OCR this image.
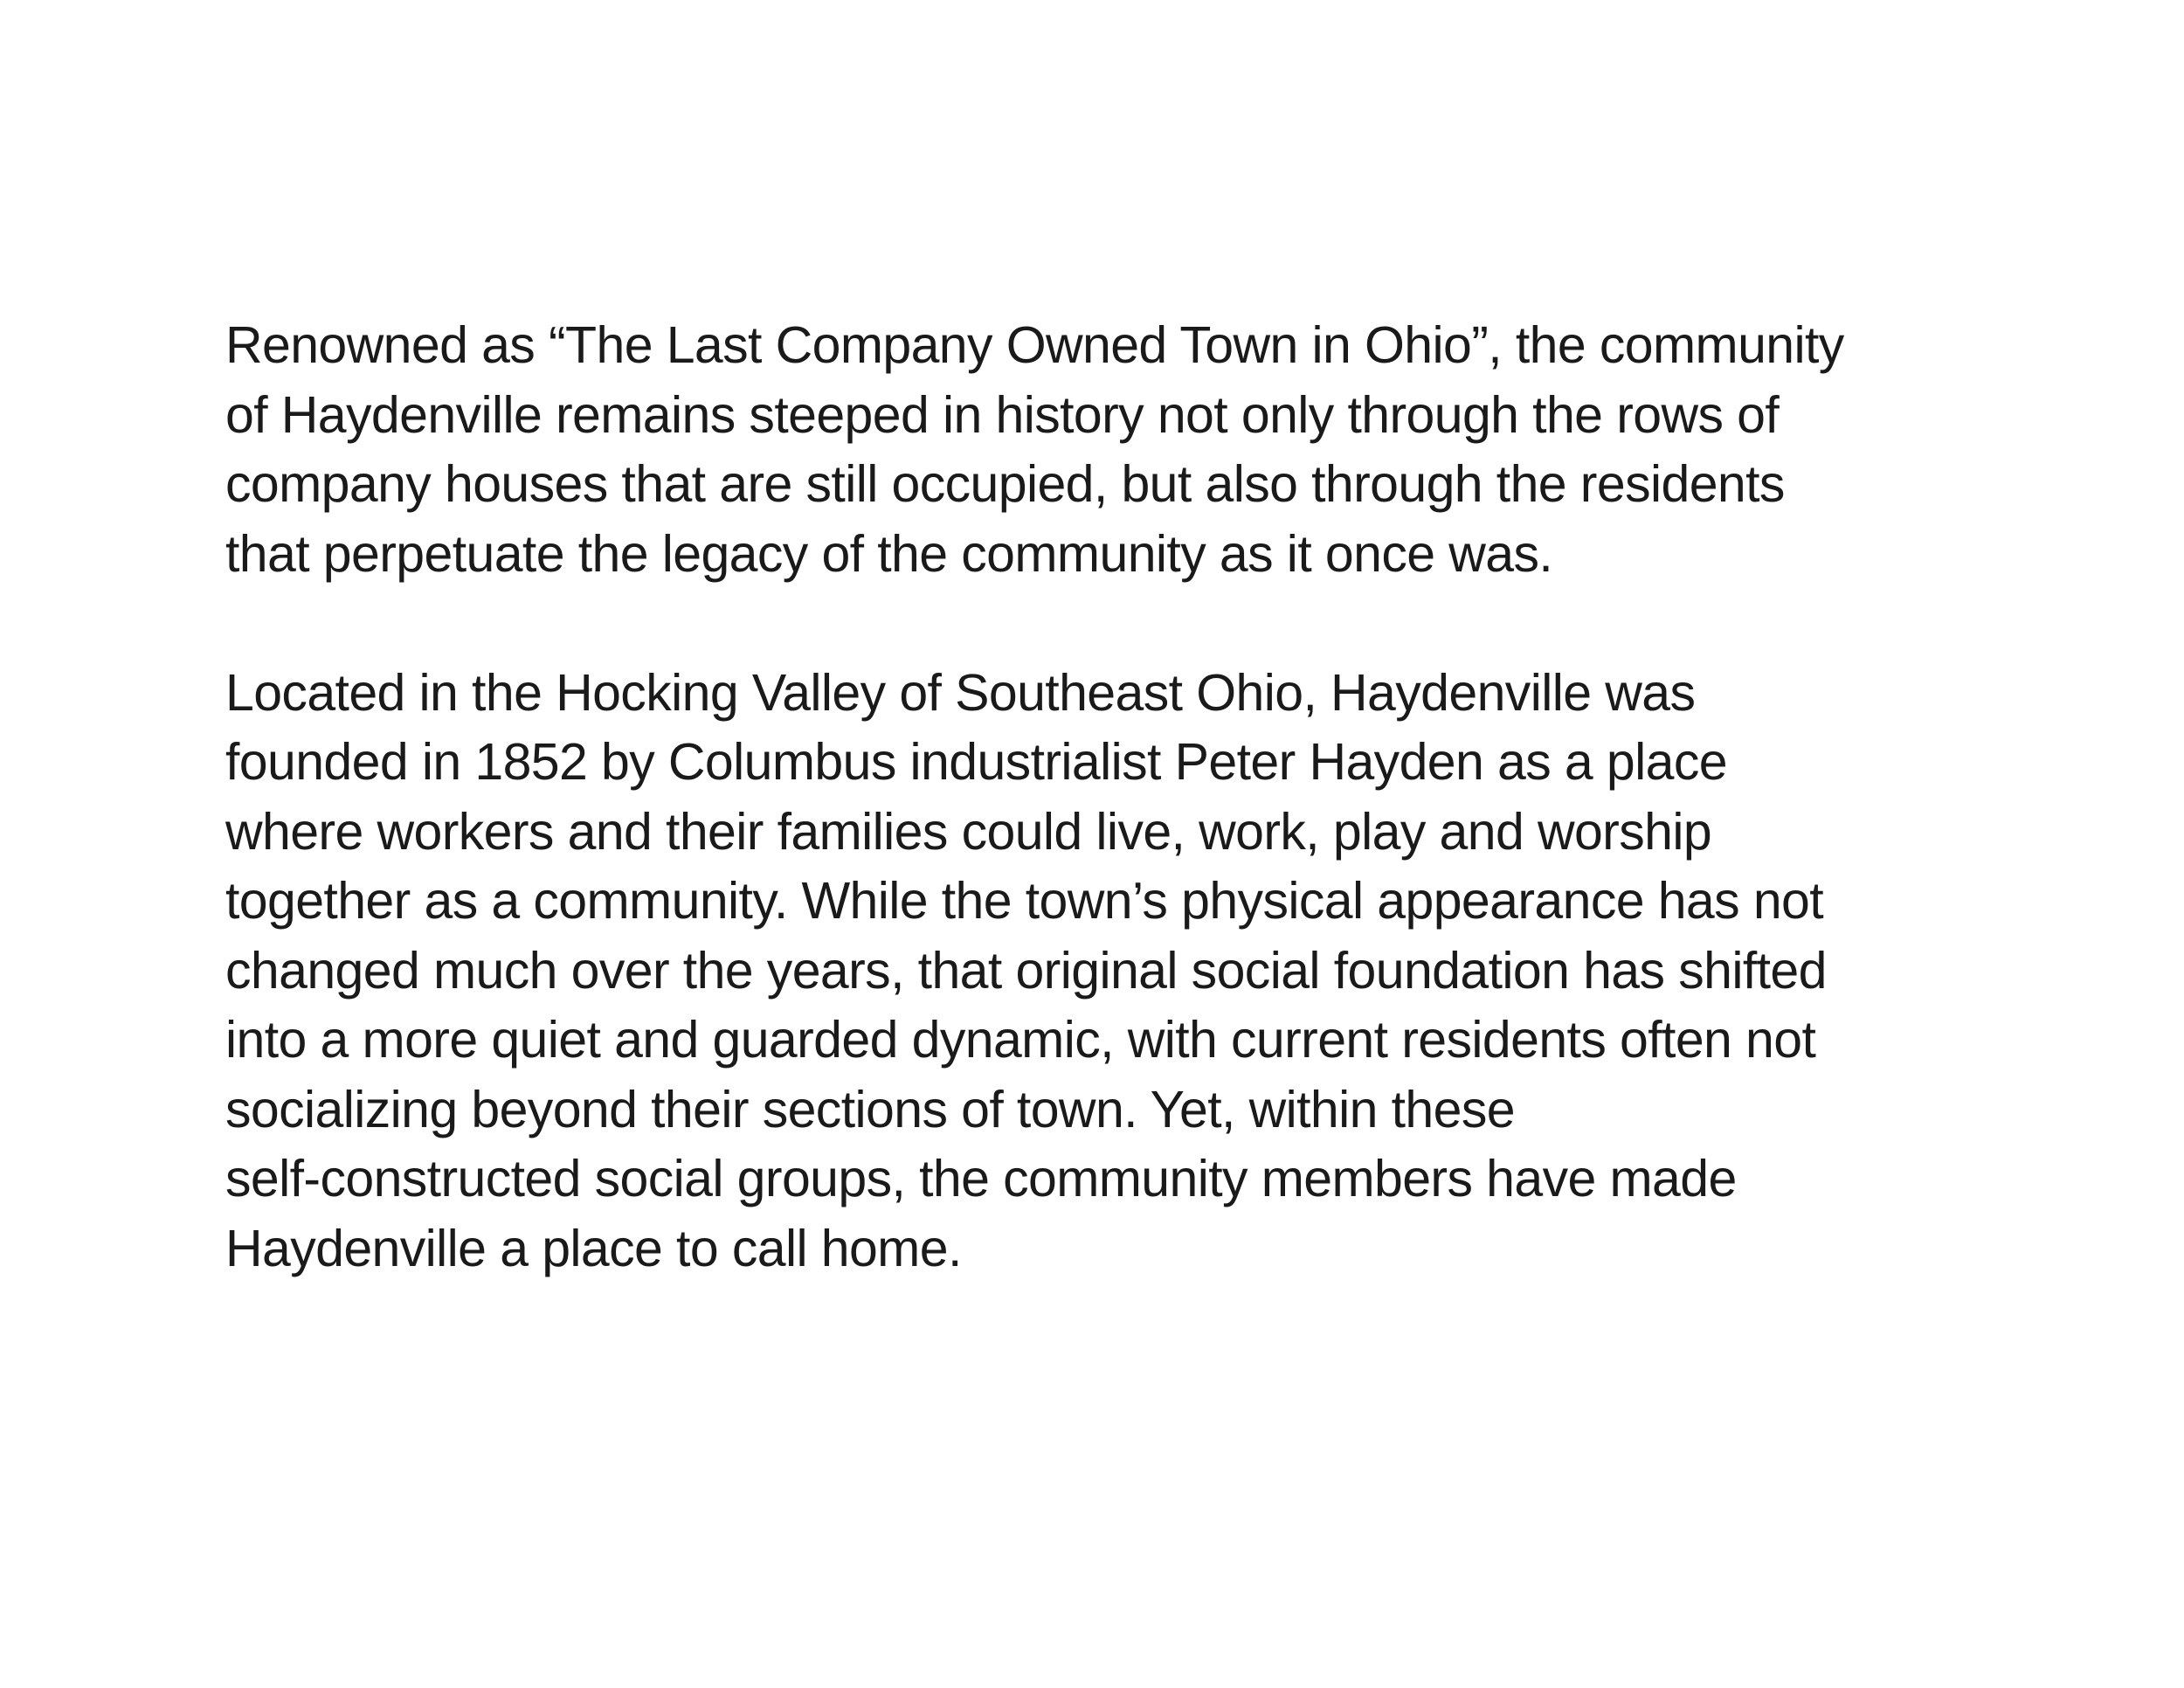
Renowned as “The Last Company Owned Town in Ohio”, the community
of Haydenville remains steeped in history not only through the rows of
company houses that are still occupied, but also through the residents
that perpetuate the legacy of the community as it once was.

Located in the Hocking Valley of Southeast Ohio, Haydenville was
founded in 1852 by Columbus industrialist Peter Hayden as a place
where workers and their families could live, work, play and worship
together as a community. While the town’s physical appearance has not
changed much over the years, that original social foundation has shifted
into a more quiet and guarded dynamic, with current residents often not
socializing beyond their sections of town. Yet, within these
self-constructed social groups, the community members have made
Haydenville a place to call home.
